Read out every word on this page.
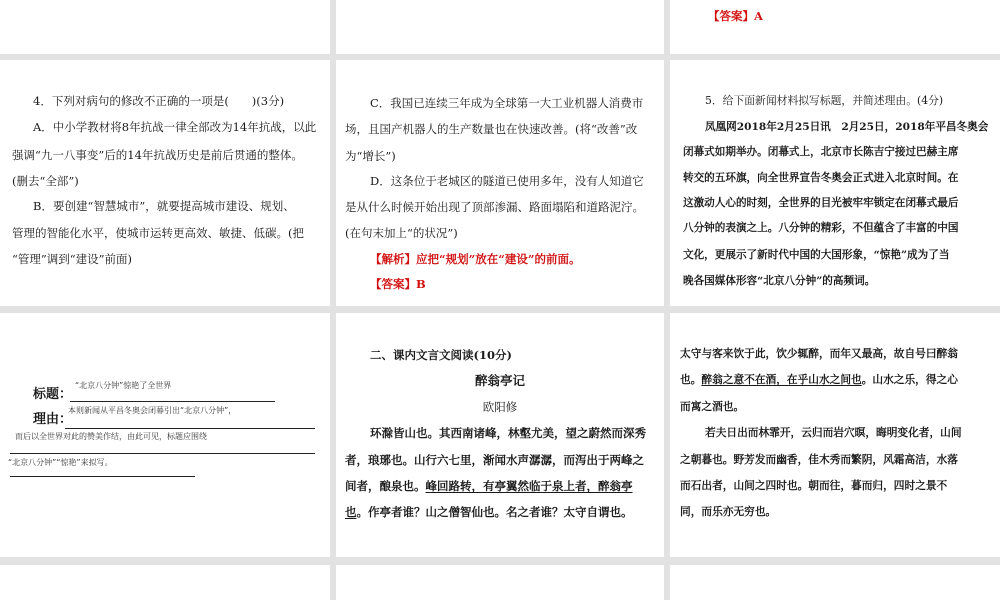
【答案】A
4．下列对病句的修改不正确的一项是(　　)(3分)
A．中小学教材将8年抗战一律全部改为14年抗战，以此
强调“九一八事变”后的14年抗战历史是前后贯通的整体。
(删去“全部”)
B．要创建“智慧城市”，就要提高城市建设、规划、
管理的智能化水平，使城市运转更高效、敏捷、低碳。(把
“管理”调到“建设”前面)
C．我国已连续三年成为全球第一大工业机器人消费市
场，且国产机器人的生产数量也在快速改善。(将“改善”改
为“增长”)
D．这条位于老城区的隧道已使用多年，没有人知道它
是从什么时候开始出现了顶部渗漏、路面塌陷和道路泥泞。
(在句末加上“的状况”)
【解析】应把“规划”放在“建设”的前面。
【答案】B
5．给下面新闻材料拟写标题，并简述理由。(4分)
凤凰网2018年2月25日讯　2月25日，2018年平昌冬奥会
闭幕式如期举办。闭幕式上，北京市长陈吉宁接过巴赫主席
转交的五环旗，向全世界宣告冬奥会正式进入北京时间。在
这激动人心的时刻，全世界的目光被牢牢锁定在闭幕式最后
八分钟的表演之上。八分钟的精彩，不但蕴含了丰富的中国
文化，更展示了新时代中国的大国形象，“惊艳”成为了当
晚各国媒体形容“北京八分钟”的高频词。
“北京八分钟”惊艳了全世界
标题：
本则新闻从平昌冬奥会闭幕引出“北京八分钟”，
理由：
而后以全世界对此的赞美作结，由此可见，标题应围绕
“北京八分钟”“惊艳”来拟写。
二、课内文言文阅读(10分)
醉翁亭记
欧阳修
环滁皆山也。其西南诸峰，林壑尤美，望之蔚然而深秀
者，琅琊也。山行六七里，渐闻水声潺潺，而泻出于两峰之
间者，酿泉也。峰回路转，有亭翼然临于泉上者，醉翁亭
也。作亭者谁？山之僧智仙也。名之者谁？太守自谓也。
太守与客来饮于此，饮少辄醉，而年又最高，故自号曰醉翁
也。醉翁之意不在酒，在乎山水之间也。山水之乐，得之心
而寓之酒也。
若夫日出而林霏开，云归而岩穴暝，晦明变化者，山间
之朝暮也。野芳发而幽香，佳木秀而繁阴，风霜高洁，水落
而石出者，山间之四时也。朝而往，暮而归，四时之景不
同，而乐亦无穷也。
